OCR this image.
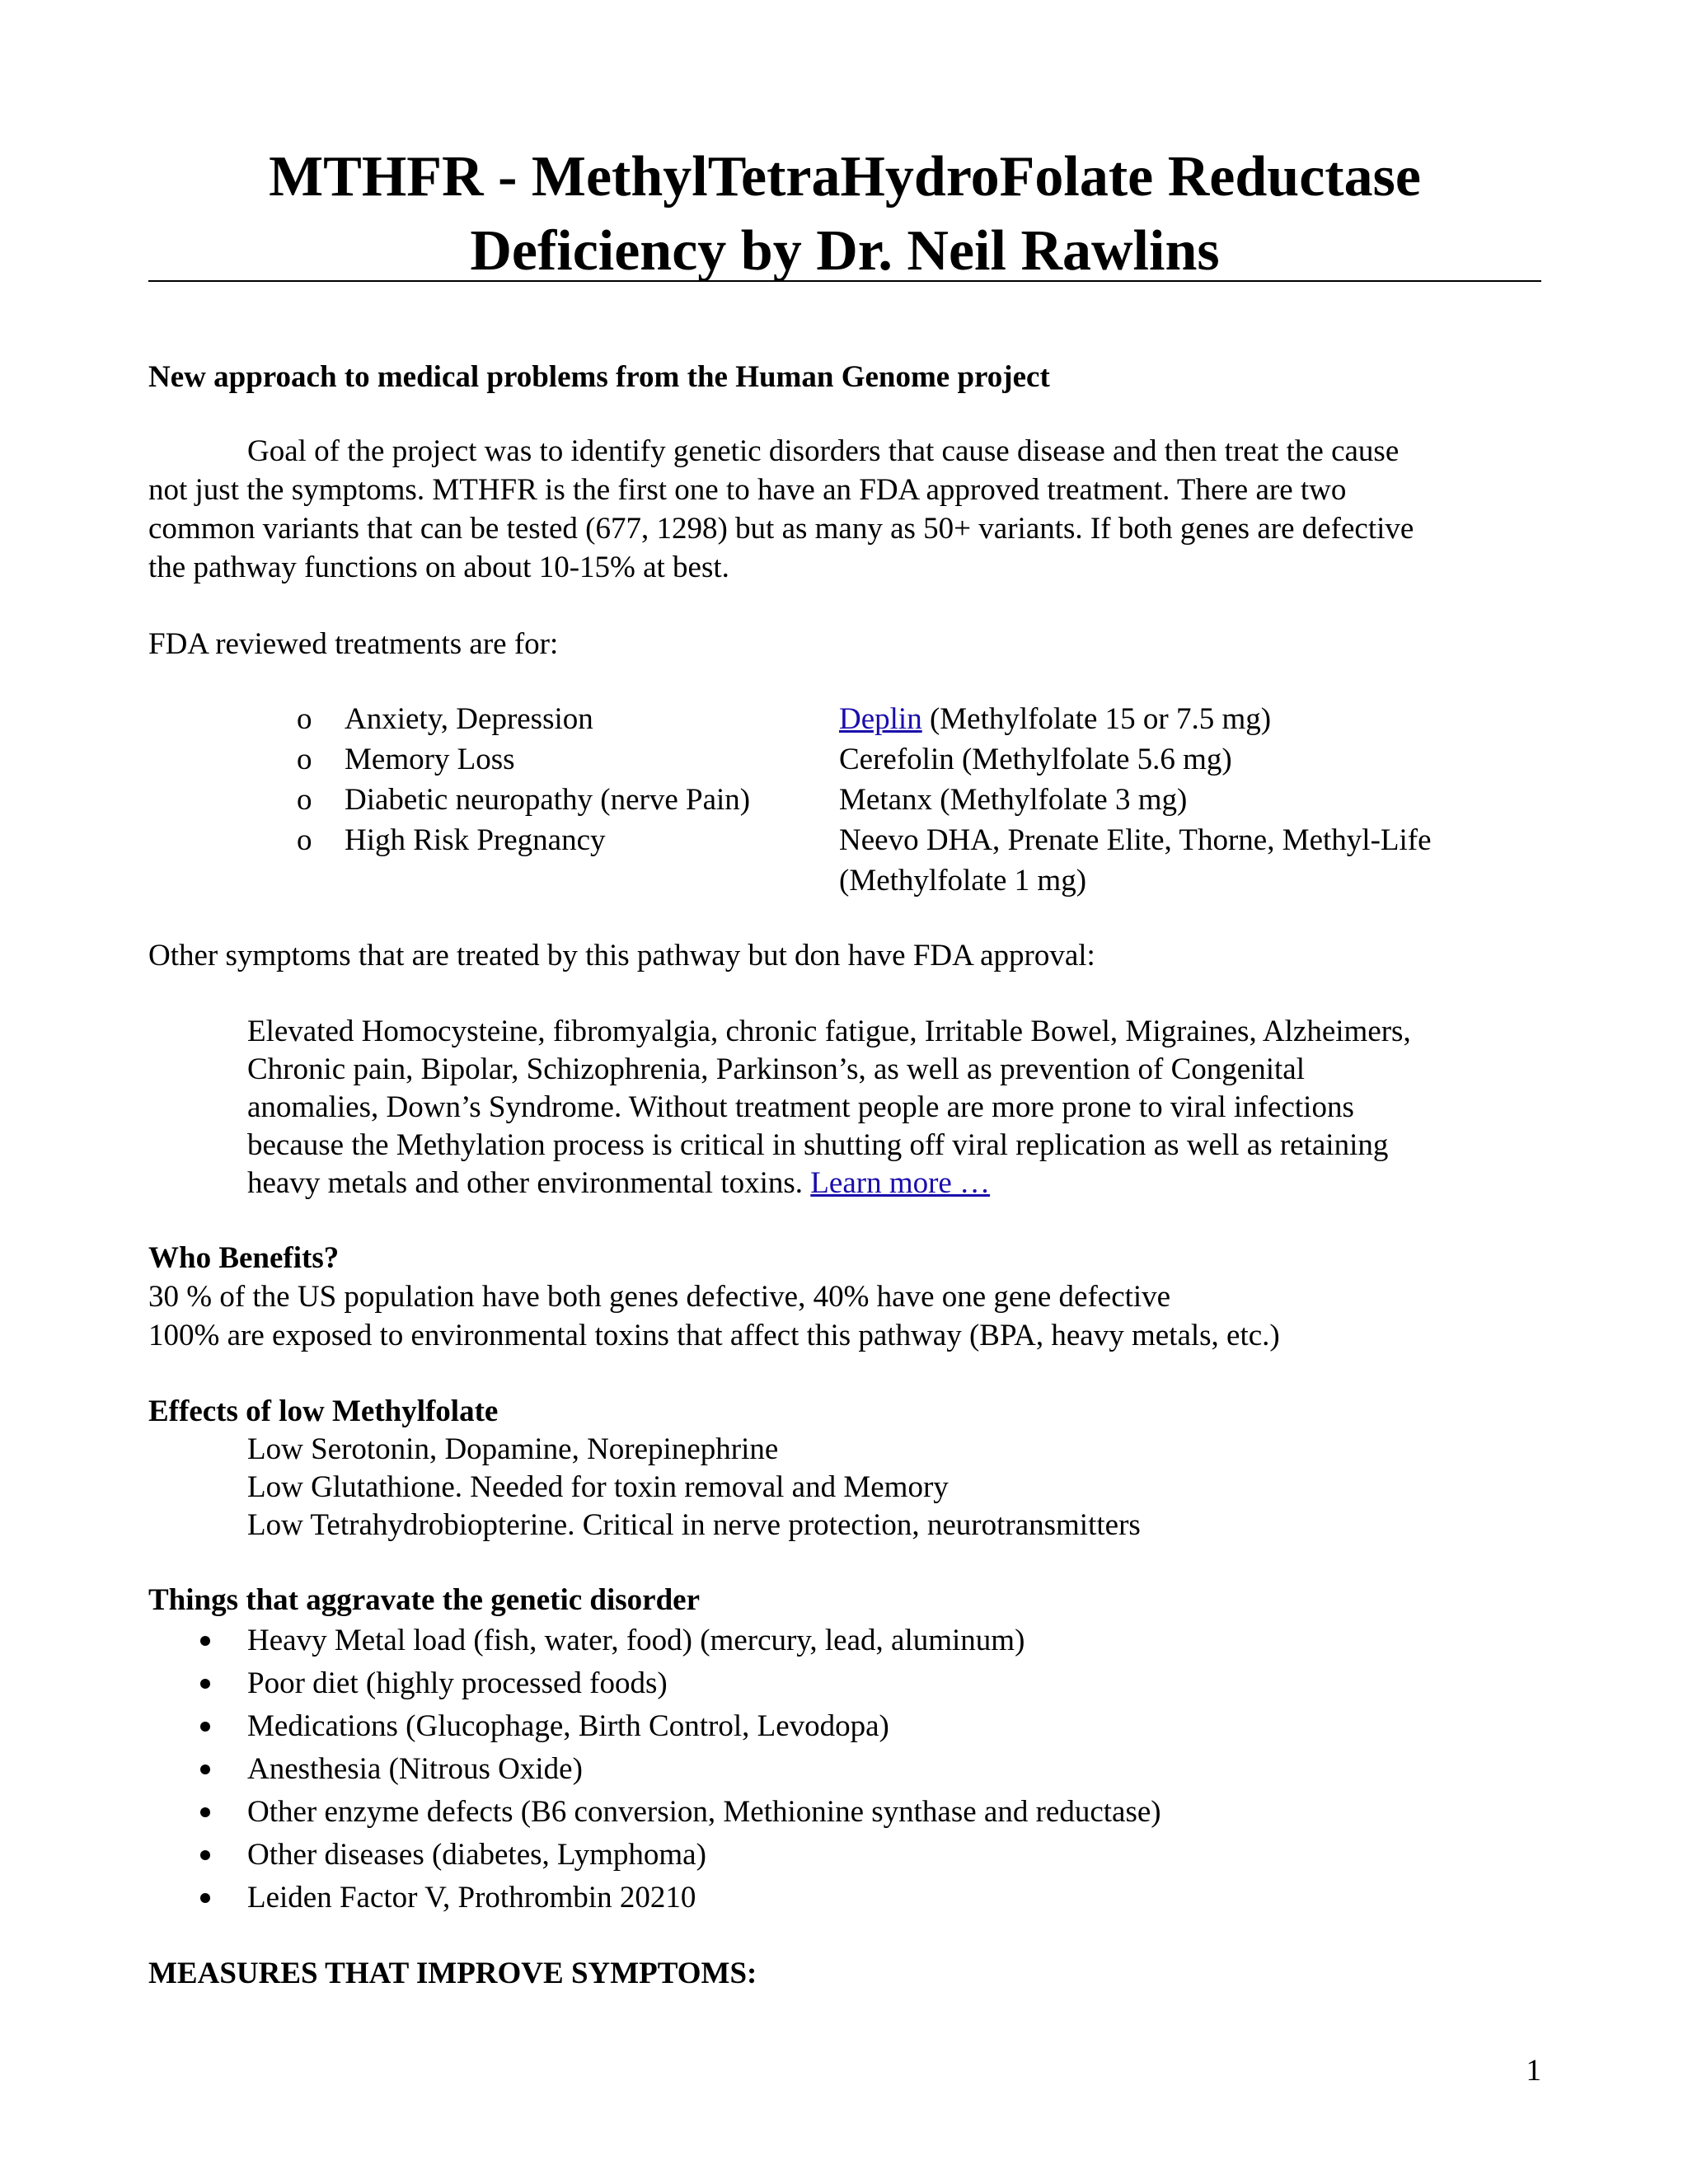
MTHFR - MethylTetraHydroFolate Reductase
Deficiency by Dr. Neil Rawlins
New approach to medical problems from the Human Genome project
Goal of the project was to identify genetic disorders that cause disease and then treat the cause
not just the symptoms. MTHFR is the first one to have an FDA approved treatment. There are two
common variants that can be tested (677, 1298) but as many as 50+ variants. If both genes are defective
the pathway functions on about 10-15% at best.
FDA reviewed treatments are for:
o Anxiety, Depression	Deplin (Methylfolate 15 or 7.5 mg)
o Memory Loss	Cerefolin (Methylfolate 5.6 mg)
o Diabetic neuropathy (nerve Pain)	Metanx (Methylfolate 3 mg)
o High Risk Pregnancy	Neevo DHA, Prenate Elite, Thorne, Methyl-Life
(Methylfolate 1 mg)
Other symptoms that are treated by this pathway but don have FDA approval:
Elevated Homocysteine, fibromyalgia, chronic fatigue, Irritable Bowel, Migraines, Alzheimers,
Chronic pain, Bipolar, Schizophrenia, Parkinson’s, as well as prevention of Congenital
anomalies, Down’s Syndrome. Without treatment people are more prone to viral infections
because the Methylation process is critical in shutting off viral replication as well as retaining
heavy metals and other environmental toxins. Learn more …
Who Benefits?
30 % of the US population have both genes defective, 40% have one gene defective
100% are exposed to environmental toxins that affect this pathway (BPA, heavy metals, etc.)
Effects of low Methylfolate
Low Serotonin, Dopamine, Norepinephrine
Low Glutathione. Needed for toxin removal and Memory
Low Tetrahydrobiopterine. Critical in nerve protection, neurotransmitters
Things that aggravate the genetic disorder
Heavy Metal load (fish, water, food) (mercury, lead, aluminum)
Poor diet (highly processed foods)
Medications (Glucophage, Birth Control, Levodopa)
Anesthesia (Nitrous Oxide)
Other enzyme defects (B6 conversion, Methionine synthase and reductase)
Other diseases (diabetes, Lymphoma)
Leiden Factor V, Prothrombin 20210
MEASURES THAT IMPROVE SYMPTOMS:
1
